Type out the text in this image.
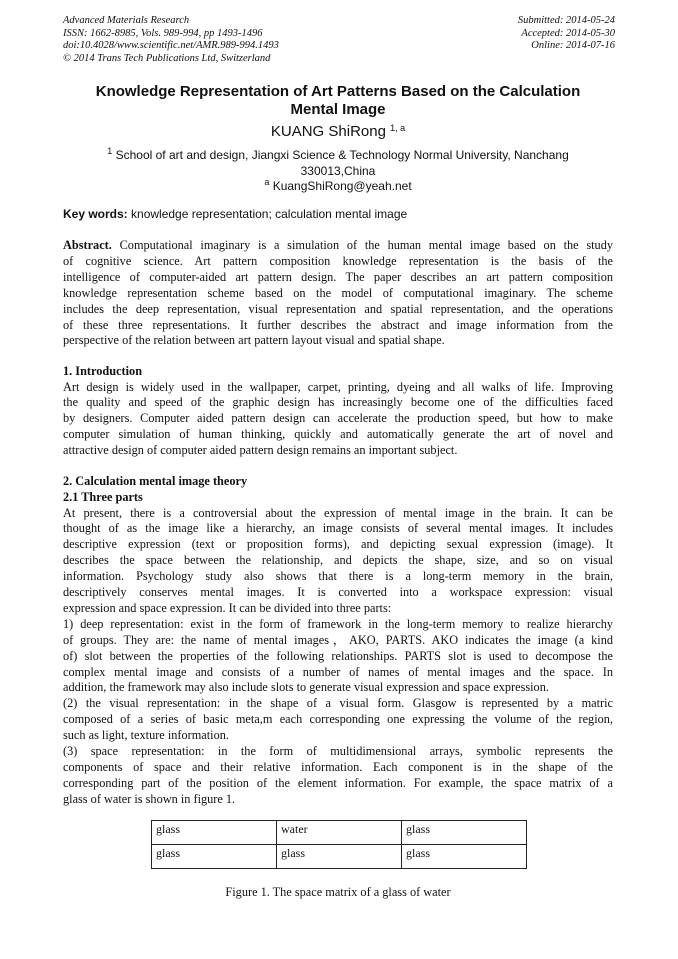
Advanced Materials Research
ISSN: 1662-8985, Vols. 989-994, pp 1493-1496
doi:10.4028/www.scientific.net/AMR.989-994.1493
© 2014 Trans Tech Publications Ltd, Switzerland
Submitted: 2014-05-24
Accepted: 2014-05-30
Online: 2014-07-16
Knowledge Representation of Art Patterns Based on the Calculation
Mental Image
KUANG ShiRong $^{1, a}$
$^1$ School of art and design, Jiangxi Science & Technology Normal University, Nanchang
330013,China
$^a$ KuangShiRong@yeah.net
Key words: knowledge representation; calculation mental image
Abstract. Computational imaginary is a simulation of the human mental image based on the study
of cognitive science. Art pattern composition knowledge representation is the basis of the
intelligence of computer-aided art pattern design. The paper describes an art pattern composition
knowledge representation scheme based on the model of computational imaginary. The scheme
includes the deep representation, visual representation and spatial representation, and the operations
of these three representations. It further describes the abstract and image information from the
perspective of the relation between art pattern layout visual and spatial shape.
1. Introduction
Art design is widely used in the wallpaper, carpet, printing, dyeing and all walks of life. Improving
the quality and speed of the graphic design has increasingly become one of the difficulties faced
by designers. Computer aided pattern design can accelerate the production speed, but how to make
computer simulation of human thinking, quickly and automatically generate the art of novel and
attractive design of computer aided pattern design remains an important subject.
2. Calculation mental image theory
2.1 Three parts
At present, there is a controversial about the expression of mental image in the brain. It can be
thought of as the image like a hierarchy, an image consists of several mental images. It includes
descriptive expression (text or proposition forms), and depicting sexual expression (image). It
describes the space between the relationship, and depicts the shape, size, and so on visual
information. Psychology study also shows that there is a long-term memory in the brain,
descriptively conserves mental images. It is converted into a workspace expression: visual
expression and space expression. It can be divided into three parts:
1) deep representation: exist in the form of framework in the long-term memory to realize hierarchy
of groups. They are: the name of mental images，AKO, PARTS. AKO indicates the image (a kind
of) slot between the properties of the following relationships. PARTS slot is used to decompose the
complex mental image and consists of a number of names of mental images and the space. In
addition, the framework may also include slots to generate visual expression and space expression.
(2) the visual representation: in the shape of a visual form. Glasgow is represented by a matric
composed of a series of basic meta,m each corresponding one expressing the volume of the region,
such as light, texture information.
(3) space representation: in the form of multidimensional arrays, symbolic represents the
components of space and their relative information. Each component is in the shape of the
corresponding part of the position of the element information. For example, the space matrix of a
glass of water is shown in figure 1.
glass	water	glass
glass	glass	glass
Figure 1. The space matrix of a glass of water
